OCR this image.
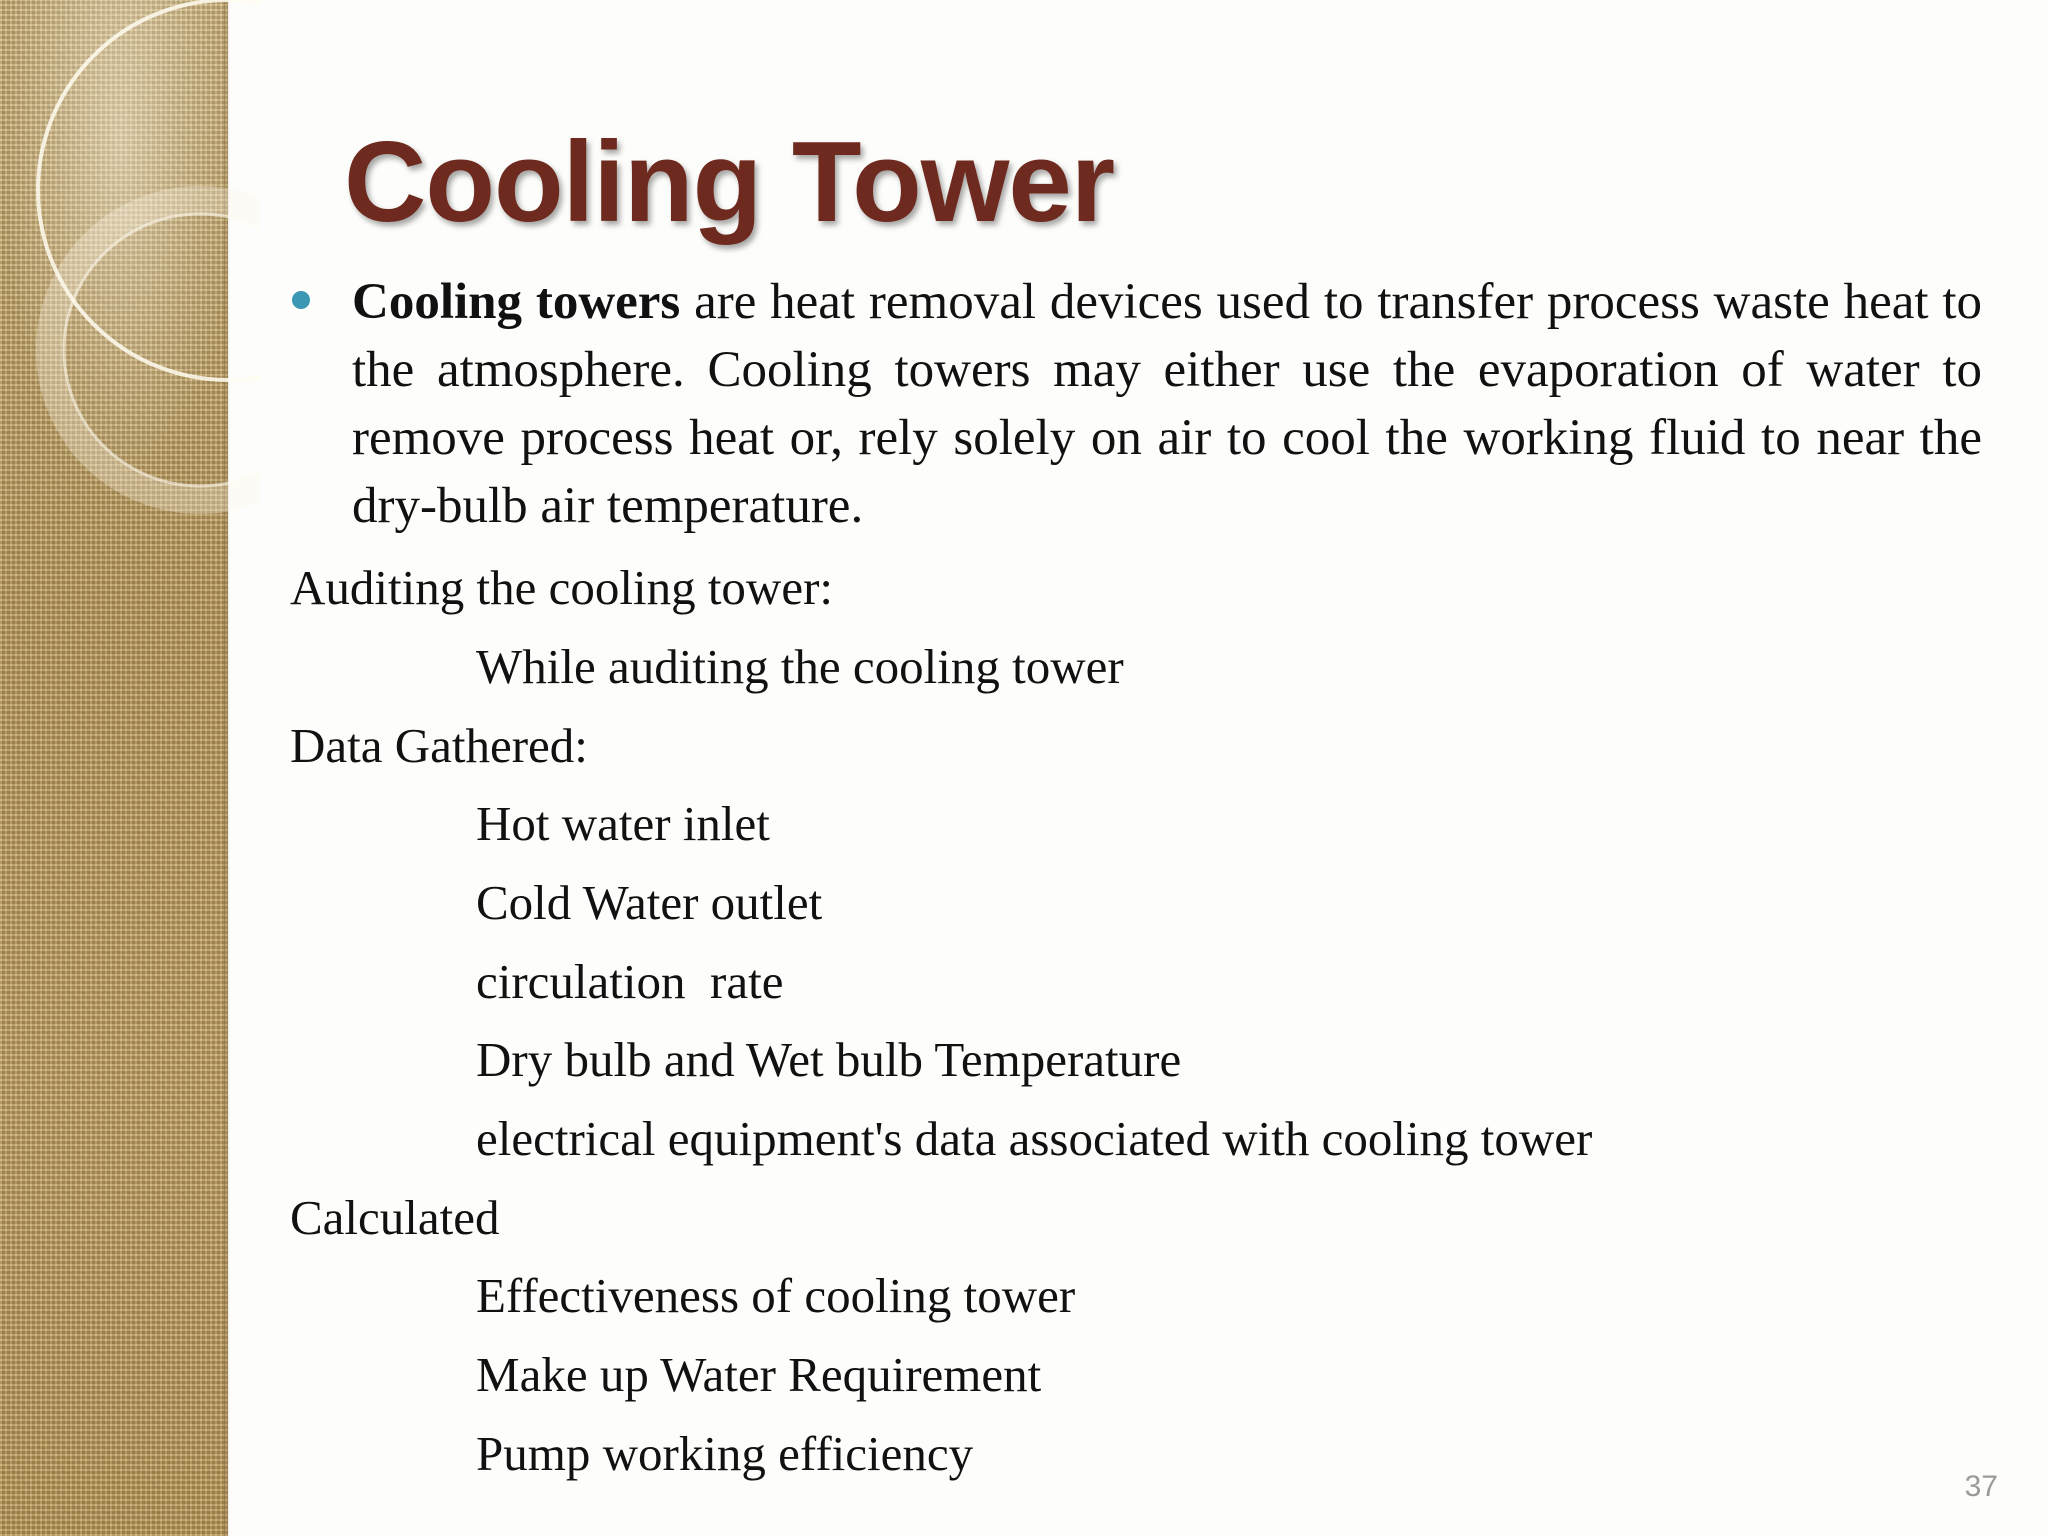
Cooling Tower

Cooling towers are heat removal devices used to transfer process waste heat to the atmosphere. Cooling towers may either use the evaporation of water to remove process heat or, rely solely on air to cool the working fluid to near the dry-bulb air temperature.

Auditing the cooling tower:

While auditing the cooling tower

Data Gathered:

Hot water inlet

Cold Water outlet

circulation  rate

Dry bulb and Wet bulb Temperature

electrical equipment's data associated with cooling tower

Calculated

Effectiveness of cooling tower

Make up Water Requirement

Pump working efficiency

37
